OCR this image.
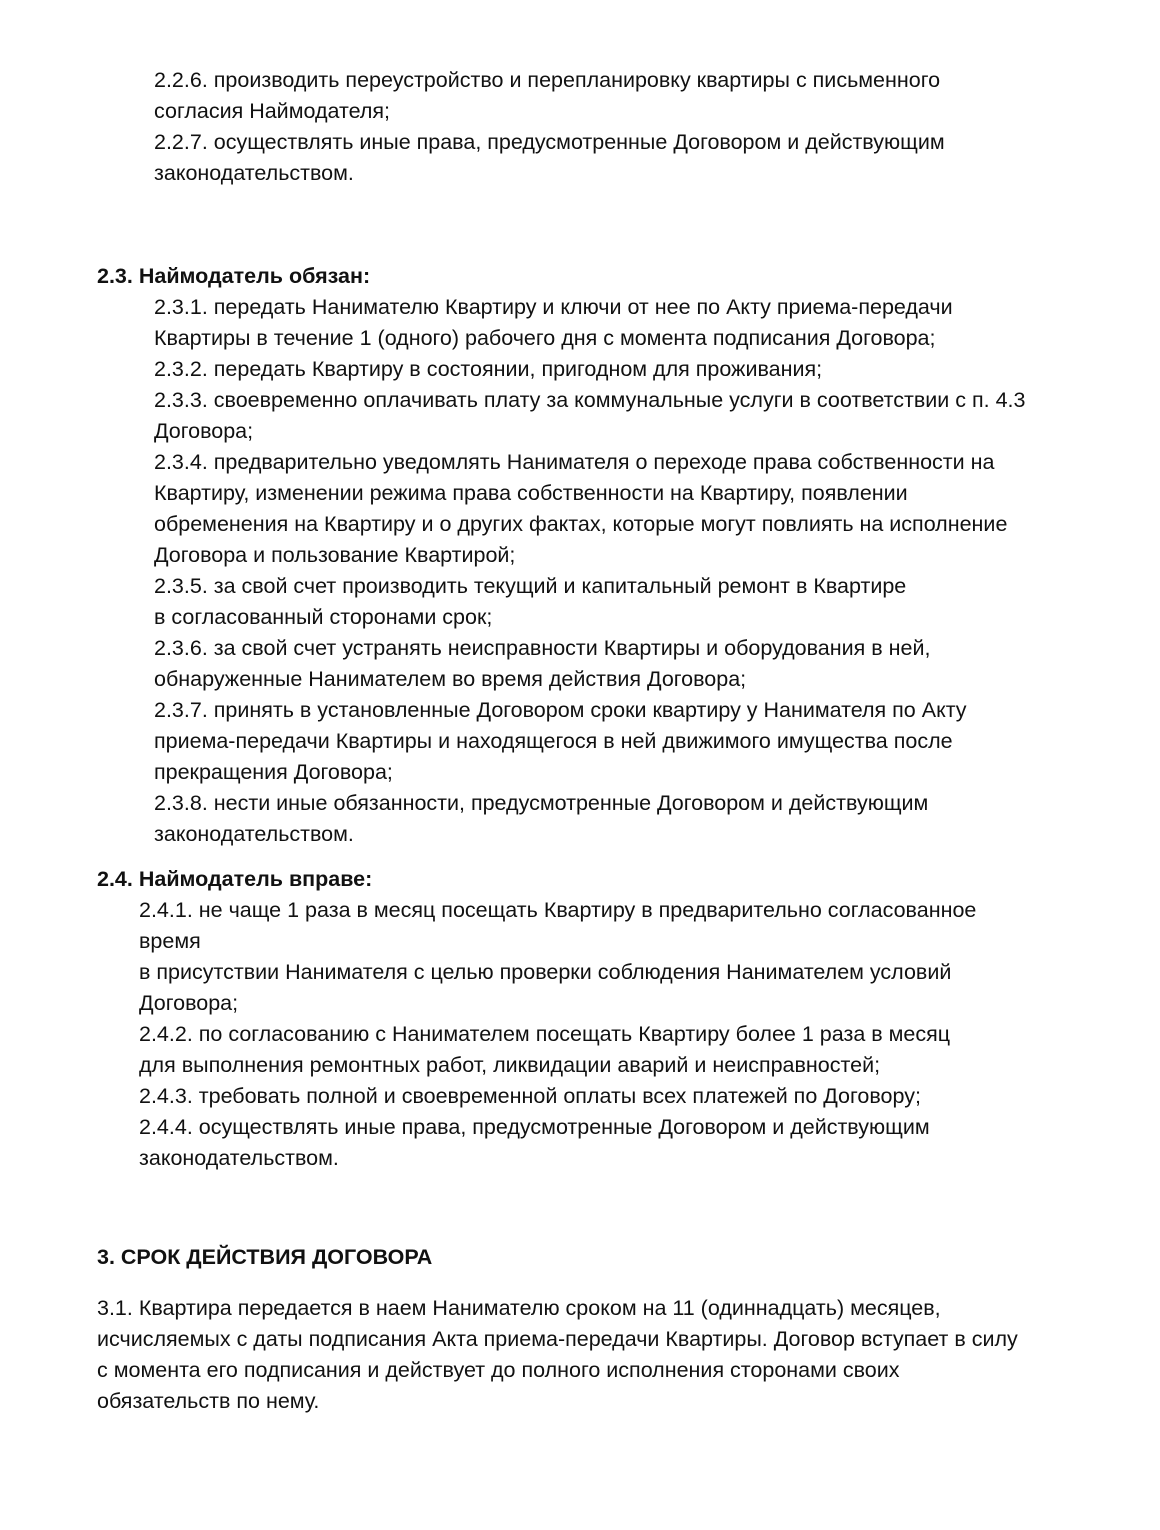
2.2.6. производить переустройство и перепланировку квартиры с письменного
согласия Наймодателя;
2.2.7. осуществлять иные права, предусмотренные Договором и действующим
законодательством.
2.3. Наймодатель обязан:
2.3.1. передать Нанимателю Квартиру и ключи от нее по Акту приема-передачи
Квартиры в течение 1 (одного) рабочего дня с момента подписания Договора;
2.3.2. передать Квартиру в состоянии, пригодном для проживания;
2.3.3. своевременно оплачивать плату за коммунальные услуги в соответствии с п. 4.3
Договора;
2.3.4. предварительно уведомлять Нанимателя о переходе права собственности на
Квартиру, изменении режима права собственности на Квартиру, появлении
обременения на Квартиру и о других фактах, которые могут повлиять на исполнение
Договора и пользование Квартирой;
2.3.5. за свой счет производить текущий и капитальный ремонт в Квартире
в согласованный сторонами срок;
2.3.6. за свой счет устранять неисправности Квартиры и оборудования в ней,
обнаруженные Нанимателем во время действия Договора;
2.3.7. принять в установленные Договором сроки квартиру у Нанимателя по Акту
приема-передачи Квартиры и находящегося в ней движимого имущества после
прекращения Договора;
2.3.8. нести иные обязанности, предусмотренные Договором и действующим
законодательством.
2.4. Наймодатель вправе:
2.4.1. не чаще 1 раза в месяц посещать Квартиру в предварительно согласованное
время
в присутствии Нанимателя с целью проверки соблюдения Нанимателем условий
Договора;
2.4.2. по согласованию с Нанимателем посещать Квартиру более 1 раза в месяц
для выполнения ремонтных работ, ликвидации аварий и неисправностей;
2.4.3. требовать полной и своевременной оплаты всех платежей по Договору;
2.4.4. осуществлять иные права, предусмотренные Договором и действующим
законодательством.
3. СРОК ДЕЙСТВИЯ ДОГОВОРА
3.1. Квартира передается в наем Нанимателю сроком на 11 (одиннадцать) месяцев,
исчисляемых с даты подписания Акта приема-передачи Квартиры. Договор вступает в силу
с момента его подписания и действует до полного исполнения сторонами своих
обязательств по нему.
